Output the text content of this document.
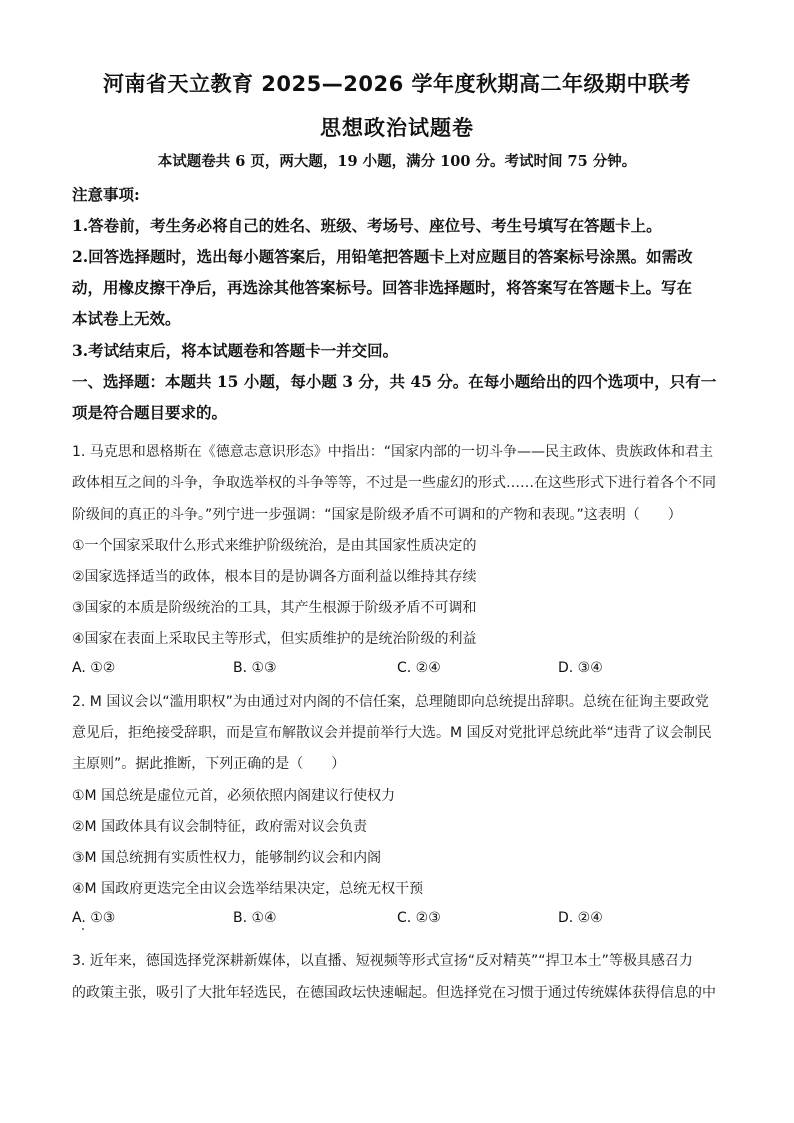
河南省天立教育 2025—2026 学年度秋期高二年级期中联考
思想政治试题卷
本试题卷共 6 页，两大题，19 小题，满分 100 分。考试时间 75 分钟。
注意事项:
1.答卷前，考生务必将自己的姓名、班级、考场号、座位号、考生号填写在答题卡上。
2.回答选择题时，选出每小题答案后，用铅笔把答题卡上对应题目的答案标号涂黑。如需改
动，用橡皮擦干净后，再选涂其他答案标号。回答非选择题时，将答案写在答题卡上。写在
本试卷上无效。
3.考试结束后，将本试题卷和答题卡一并交回。
一、选择题：本题共 15 小题，每小题 3 分，共 45 分。在每小题给出的四个选项中，只有一
项是符合题目要求的。
1. 马克思和恩格斯在《德意志意识形态》中指出：“国家内部的一切斗争——民主政体、贵族政体和君主
政体相互之间的斗争，争取选举权的斗争等等，不过是一些虚幻的形式……在这些形式下进行着各个不同
阶级间的真正的斗争。”列宁进一步强调：“国家是阶级矛盾不可调和的产物和表现。”这表明（　　）
①一个国家采取什么形式来维护阶级统治，是由其国家性质决定的
②国家选择适当的政体，根本目的是协调各方面利益以维持其存续
③国家的本质是阶级统治的工具，其产生根源于阶级矛盾不可调和
④国家在表面上采取民主等形式，但实质维护的是统治阶级的利益
A. ①②	B. ①③	C. ②④	D. ③④
2. M 国议会以“滥用职权”为由通过对内阁的不信任案，总理随即向总统提出辞职。总统在征询主要政党
意见后，拒绝接受辞职，而是宣布解散议会并提前举行大选。M 国反对党批评总统此举“违背了议会制民
主原则”。据此推断，下列正确的是（　　）
①M 国总统是虚位元首，必须依照内阁建议行使权力
②M 国政体具有议会制特征，政府需对议会负责
③M 国总统拥有实质性权力，能够制约议会和内阁
④M 国政府更迭完全由议会选举结果决定，总统无权干预
A. ①③	B. ①④	C. ②③	D. ②④
3. 近年来，德国选择党深耕新媒体，以直播、短视频等形式宣扬“反对精英”“捍卫本土”等极具感召力
的政策主张，吸引了大批年轻选民，在德国政坛快速崛起。但选择党在习惯于通过传统媒体获得信息的中
